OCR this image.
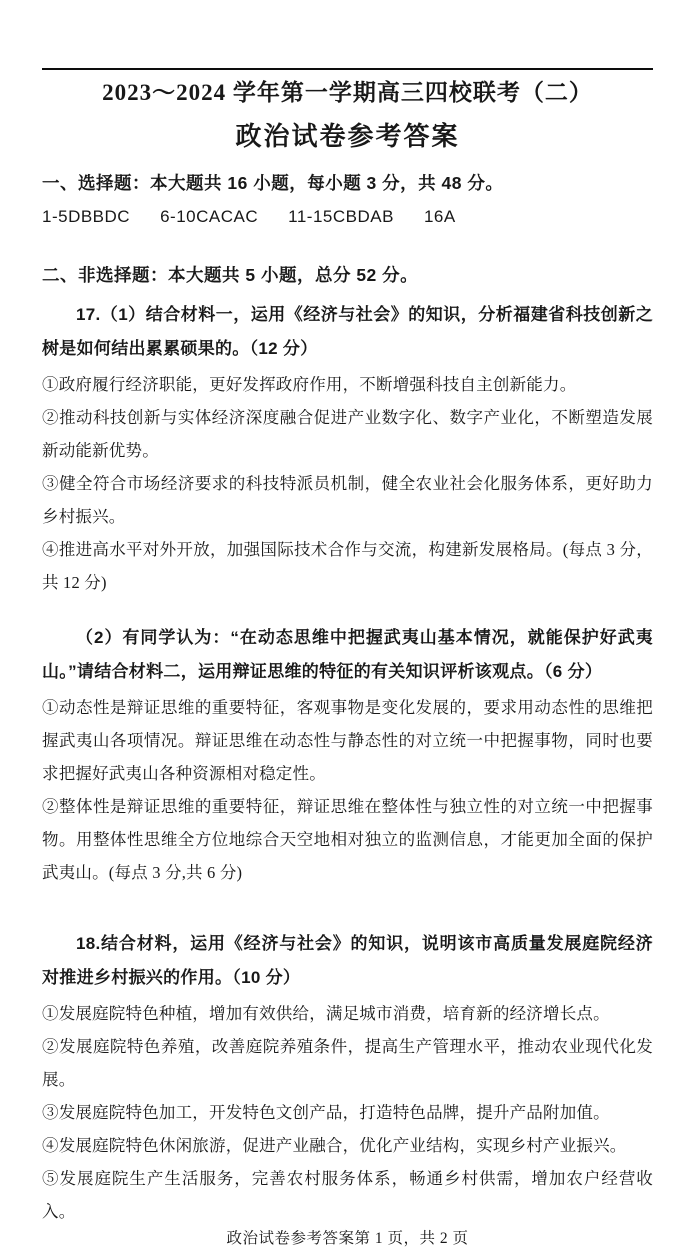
2023～2024 学年第一学期高三四校联考（二）
政治试卷参考答案
一、选择题：本大题共 16 小题，每小题 3 分，共 48 分。
1-5DBBDC 6-10CACAC 11-15CBDAB 16A
二、非选择题：本大题共 5 小题，总分 52 分。

17.（1）结合材料一，运用《经济与社会》的知识，分析福建省科技创新之树是如何结出累累硕果的。（12 分）

①政府履行经济职能，更好发挥政府作用，不断增强科技自主创新能力。
②推动科技创新与实体经济深度融合促进产业数字化、数字产业化，不断塑造发展新动能新优势。
③健全符合市场经济要求的科技特派员机制，健全农业社会化服务体系，更好助力乡村振兴。
④推进高水平对外开放，加强国际技术合作与交流，构建新发展格局。(每点 3 分，共 12 分)

（2）有同学认为：“在动态思维中把握武夷山基本情况，就能保护好武夷山。”请结合材料二，运用辩证思维的特征的有关知识评析该观点。（6 分）

①动态性是辩证思维的重要特征，客观事物是变化发展的，要求用动态性的思维把握武夷山各项情况。辩证思维在动态性与静态性的对立统一中把握事物，同时也要求把握好武夷山各种资源相对稳定性。
②整体性是辩证思维的重要特征，辩证思维在整体性与独立性的对立统一中把握事物。用整体性思维全方位地综合天空地相对独立的监测信息，才能更加全面的保护武夷山。(每点 3 分,共 6 分)

18.结合材料，运用《经济与社会》的知识，说明该市高质量发展庭院经济对推进乡村振兴的作用。（10 分）

①发展庭院特色种植，增加有效供给，满足城市消费，培育新的经济增长点。
②发展庭院特色养殖，改善庭院养殖条件，提高生产管理水平，推动农业现代化发展。
③发展庭院特色加工，开发特色文创产品，打造特色品牌，提升产品附加值。
④发展庭院特色休闲旅游，促进产业融合，优化产业结构，实现乡村产业振兴。
⑤发展庭院生产生活服务，完善农村服务体系，畅通乡村供需，增加农户经营收入。
政治试卷参考答案第 1 页，共 2 页
